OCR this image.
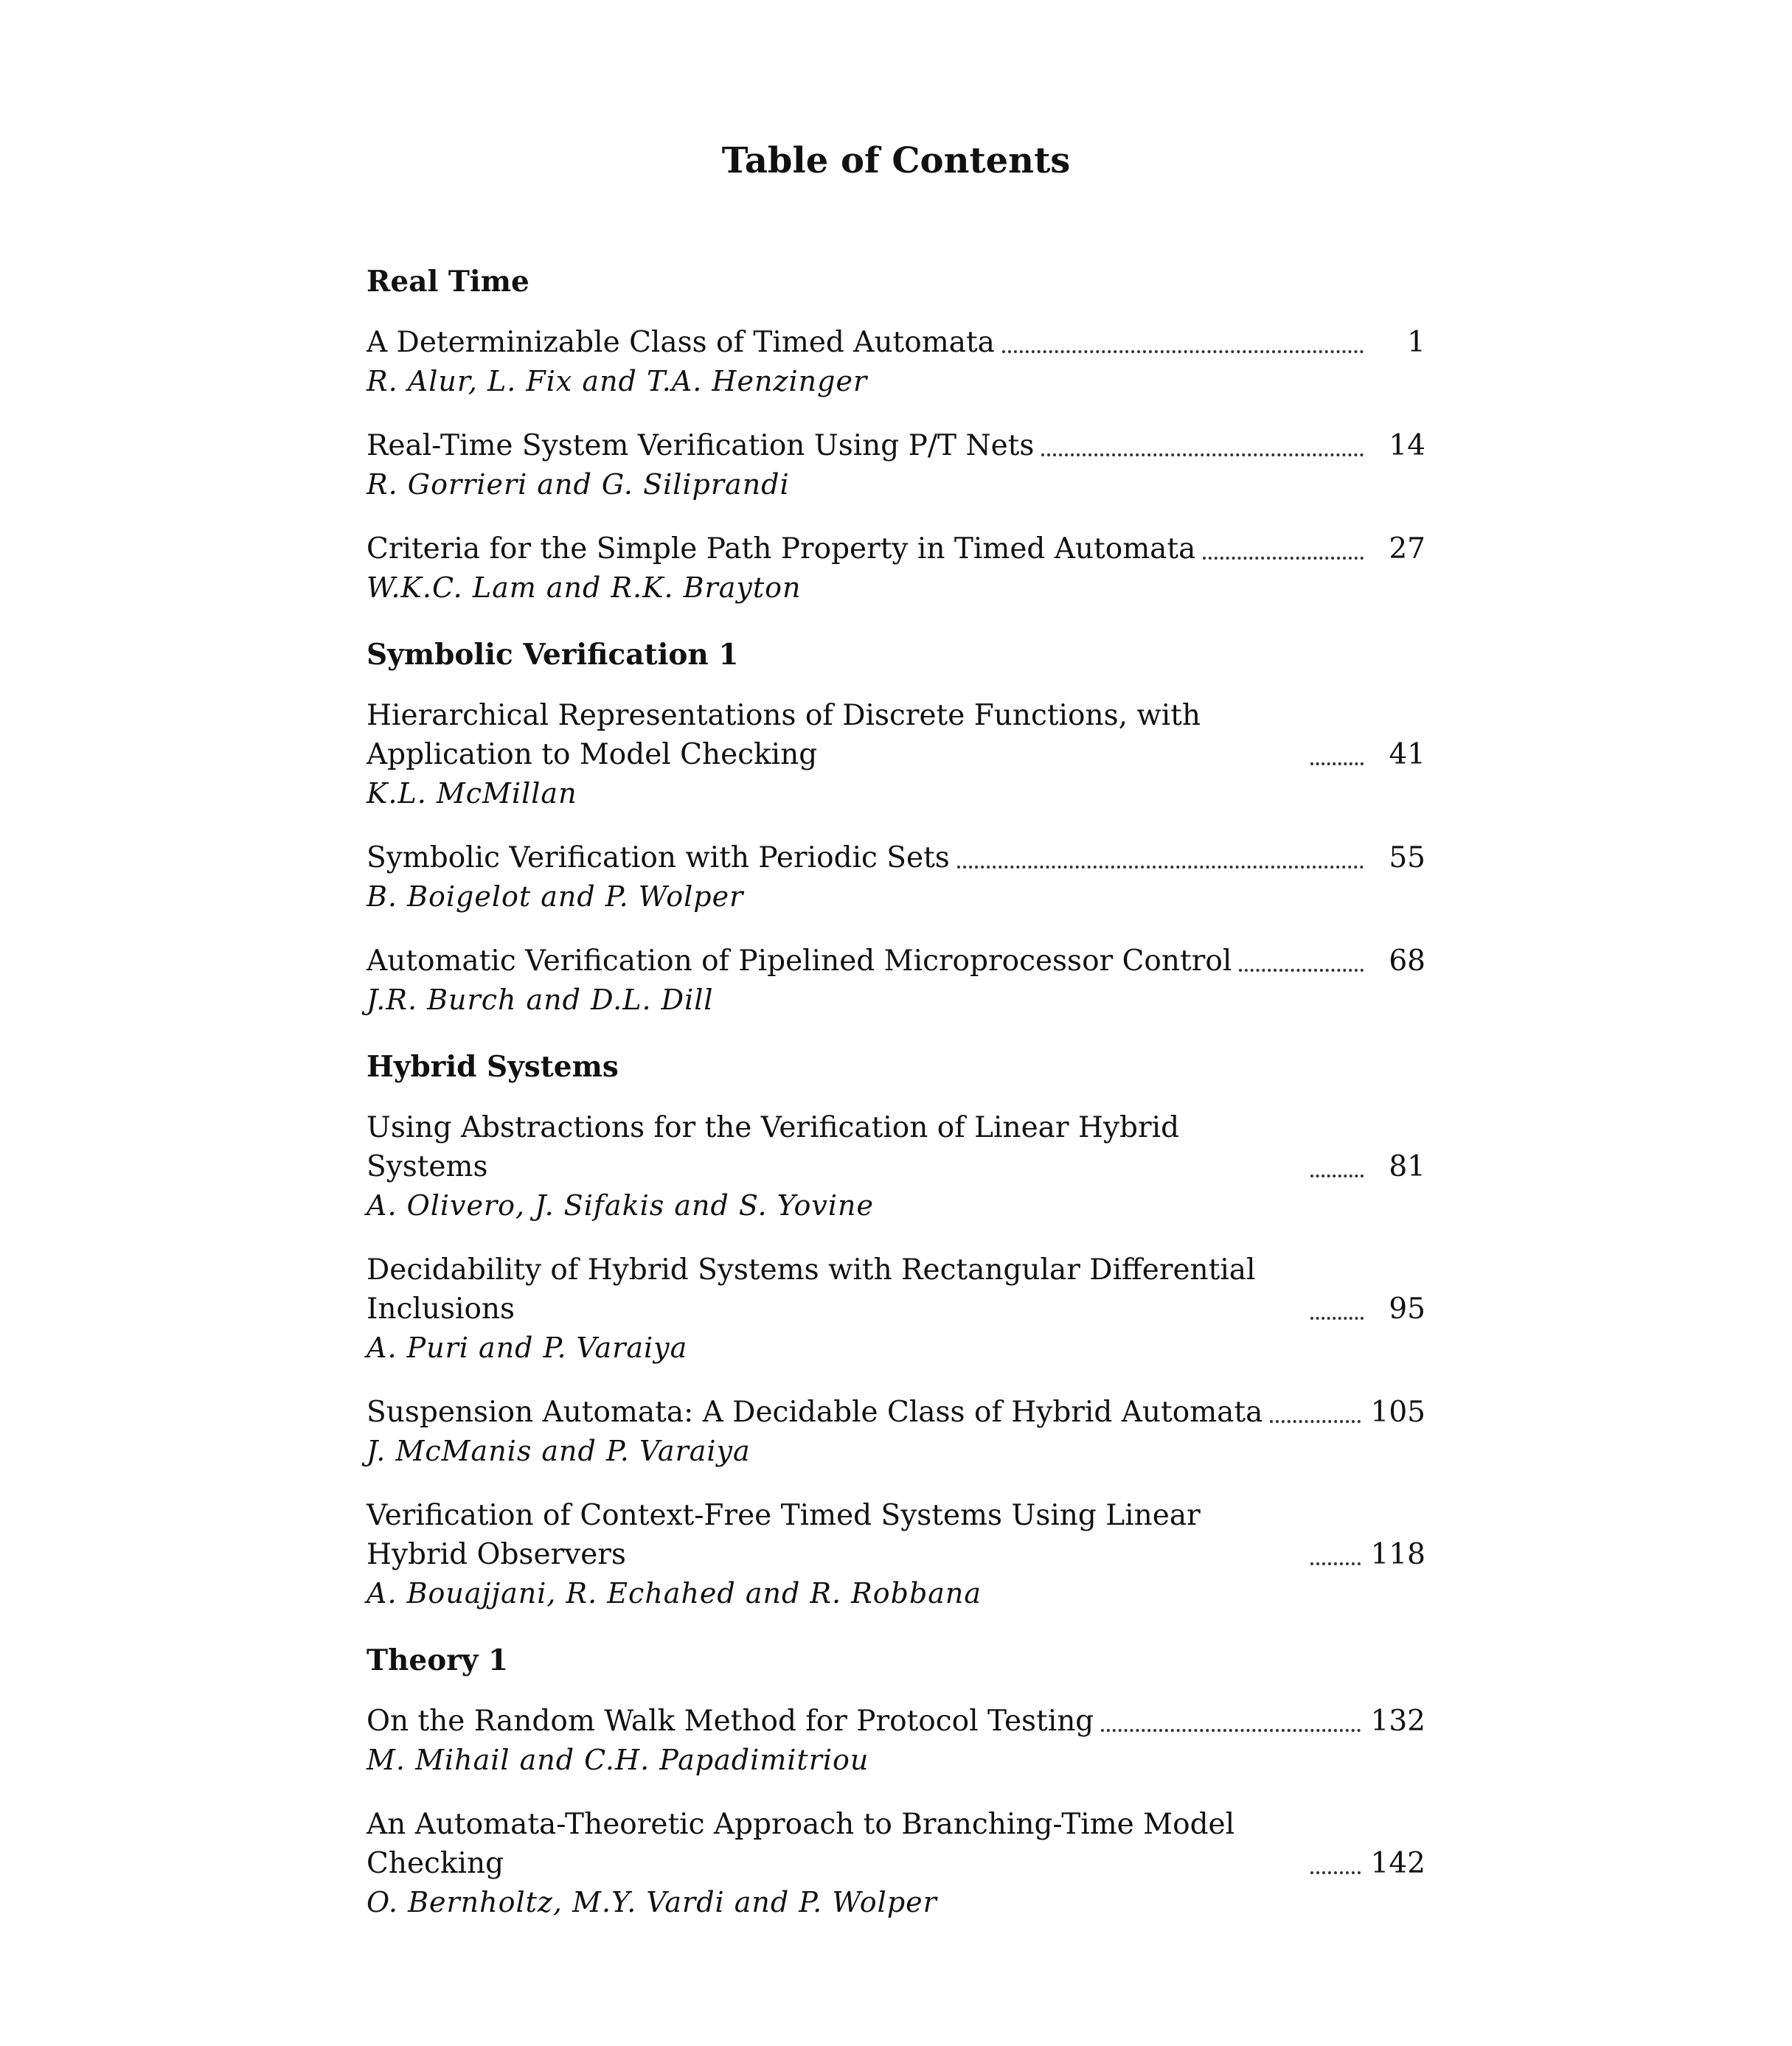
Table of Contents
Real Time
A Determinizable Class of Timed Automata	1
R. Alur, L. Fix and T.A. Henzinger
Real-Time System Verification Using P/T Nets	14
R. Gorrieri and G. Siliprandi
Criteria for the Simple Path Property in Timed Automata	27
W.K.C. Lam and R.K. Brayton
Symbolic Verification 1
Hierarchical Representations of Discrete Functions, with Application to Model Checking	41
K.L. McMillan
Symbolic Verification with Periodic Sets	55
B. Boigelot and P. Wolper
Automatic Verification of Pipelined Microprocessor Control	68
J.R. Burch and D.L. Dill
Hybrid Systems
Using Abstractions for the Verification of Linear Hybrid Systems	81
A. Olivero, J. Sifakis and S. Yovine
Decidability of Hybrid Systems with Rectangular Differential Inclusions	95
A. Puri and P. Varaiya
Suspension Automata: A Decidable Class of Hybrid Automata	105
J. McManis and P. Varaiya
Verification of Context-Free Timed Systems Using Linear Hybrid Observers	118
A. Bouajjani, R. Echahed and R. Robbana
Theory 1
On the Random Walk Method for Protocol Testing	132
M. Mihail and C.H. Papadimitriou
An Automata-Theoretic Approach to Branching-Time Model Checking	142
O. Bernholtz, M.Y. Vardi and P. Wolper
